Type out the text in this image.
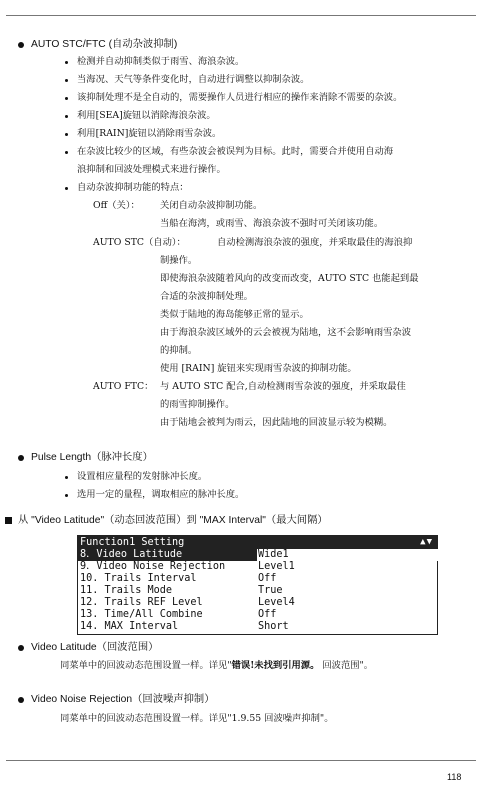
AUTO STC/FTC (自动杂波抑制)
检测并自动抑制类似于雨雪、海浪杂波。
当海况、天气等条件变化时，自动进行调整以抑制杂波。
该抑制处理不是全自动的，需要操作人员进行相应的操作来消除不需要的杂波。
利用[SEA]旋钮以消除海浪杂波。
利用[RAIN]旋钮以消除雨雪杂波。
在杂波比较少的区域，有些杂波会被误判为目标。此时，需要合并使用自动海
浪抑制和回波处理模式来进行操作。
自动杂波抑制功能的特点：
Off（关）： 关闭自动杂波抑制功能。
当船在海湾，或雨雪、海浪杂波不强时可关闭该功能。
AUTO STC（自动）：	自动检测海浪杂波的强度，并采取最佳的海浪抑
制操作。
即使海浪杂波随着风向的改变而改变，AUTO STC 也能起到最
合适的杂波抑制处理。
类似于陆地的海岛能够正常的显示。
由于海浪杂波区域外的云会被视为陆地，这不会影响雨雪杂波
的抑制。
使用 [RAIN] 旋钮来实现雨雪杂波的抑制功能。
AUTO FTC： 与 AUTO STC 配合,自动检测雨雪杂波的强度，并采取最佳
的雨雪抑制操作。
由于陆地会被判为雨云，因此陆地的回波显示较为模糊。
Pulse Length（脉冲长度）
设置相应量程的发射脉冲长度。
选用一定的量程，调取相应的脉冲长度。
从 "Video Latitude"（动态回波范围）到 "MAX Interval"（最大间隔）
Function1 Setting	▲▼
8．Video Latitude	Wide1
9．Video Noise Rejection	Level1
10. Trails Interval	Off
11. Trails Mode	True
12. Trails REF Level	Level4
13. Time/All Combine	Off
14. MAX Interval	Short
Video Latitude（回波范围）
同菜单中的回波动态范围设置一样。详见"错误!未找到引用源。 回波范围"。
Video Noise Rejection（回波噪声抑制）
同菜单中的回波动态范围设置一样。详见"1.9.55 回波噪声抑制"。
118
